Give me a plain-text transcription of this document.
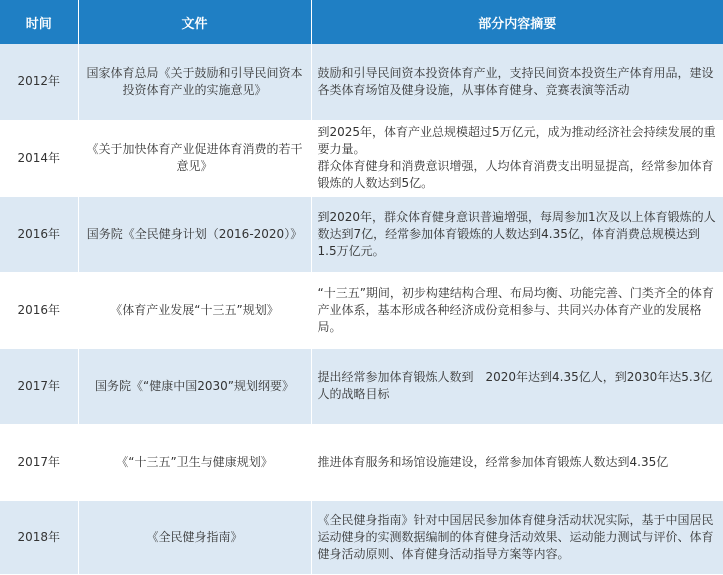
时间	文件	部分内容摘要
2012年	国家体育总局《关于鼓励和引导民间资本投资体育产业的实施意见》	鼓励和引导民间资本投资体育产业，支持民间资本投资生产体育用品，建设各类体育场馆及健身设施，从事体育健身、竞赛表演等活动

2014年	《关于加快体育产业促进体育消费的若干意见》	到2025年，体育产业总规模超过5万亿元，成为推动经济社会持续发展的重要力量。
群众体育健身和消费意识增强，人均体育消费支出明显提高，经常参加体育锻炼的人数达到5亿。

2016年	国务院《全民健身计划（2016-2020）》	到2020年，群众体育健身意识普遍增强，每周参加1次及以上体育锻炼的人数达到7亿，经常参加体育锻炼的人数达到4.35亿，体育消费总规模达到1.5万亿元。

2016年	《体育产业发展“十三五”规划》	“十三五”期间，初步构建结构合理、布局均衡、功能完善、门类齐全的体育产业体系，基本形成各种经济成份竞相参与、共同兴办体育产业的发展格局。

2017年	国务院《“健康中国2030”规划纲要》	提出经常参加体育锻炼人数到　2020年达到4.35亿人，到2030年达5.3亿人的战略目标

2017年	《“十三五”卫生与健康规划》	推进体育服务和场馆设施建设，经常参加体育锻炼人数达到4.35亿

2018年	《全民健身指南》	《全民健身指南》针对中国居民参加体育健身活动状况实际，基于中国居民运动健身的实测数据编制的体育健身活动效果、运动能力测试与评价、体育健身活动原则、体育健身活动指导方案等内容。
